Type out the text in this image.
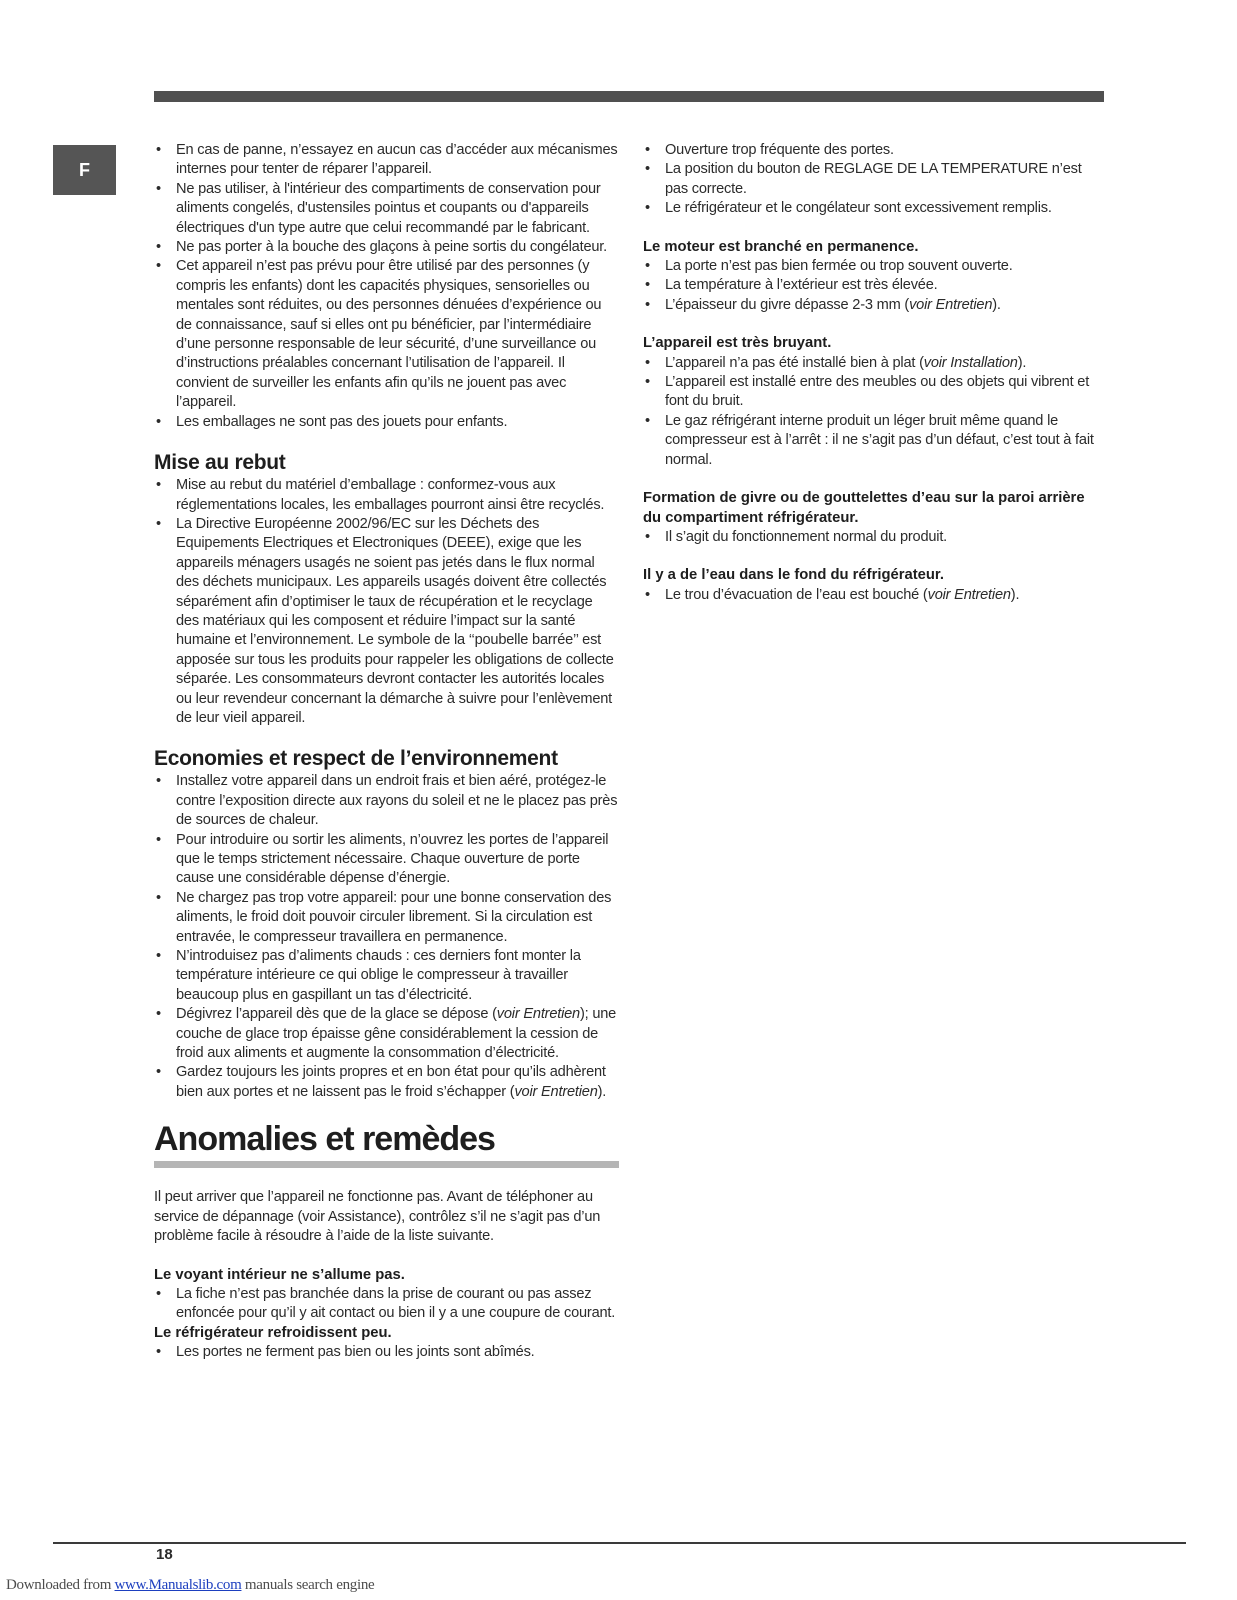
F
• En cas de panne, n’essayez en aucun cas d’accéder aux mécanismes internes pour tenter de réparer l’appareil.
• Ne pas utiliser, à l'intérieur des compartiments de conservation pour aliments congelés, d'ustensiles pointus et coupants ou d'appareils électriques d'un type autre que celui recommandé par le fabricant.
• Ne pas porter à la bouche des glaçons à peine sortis du congélateur.
• Cet appareil n’est pas prévu pour être utilisé par des personnes (y compris les enfants) dont les capacités physiques, sensorielles ou mentales sont réduites, ou des personnes dénuées d’expérience ou de connaissance, sauf si elles ont pu bénéficier, par l’intermédiaire d’une personne responsable de leur sécurité, d’une surveillance ou d’instructions préalables concernant l’utilisation de l’appareil. Il convient de surveiller les enfants afin qu’ils ne jouent pas avec l’appareil.
• Les emballages ne sont pas des jouets pour enfants.
Mise au rebut
• Mise au rebut du matériel d’emballage : conformez-vous aux réglementations locales, les emballages pourront ainsi être recyclés.
• La Directive Européenne 2002/96/EC sur les Déchets des Equipements Electriques et Electroniques (DEEE), exige que les appareils ménagers usagés ne soient pas jetés dans le flux normal des déchets municipaux. Les appareils usagés doivent être collectés séparément afin d’optimiser le taux de récupération et le recyclage des matériaux qui les composent et réduire l’impact sur la santé humaine et l’environnement. Le symbole de la ‘‘poubelle barrée’’ est apposée sur tous les produits pour rappeler les obligations de collecte séparée. Les consommateurs devront contacter les autorités locales ou leur revendeur concernant la démarche à suivre pour l’enlèvement de leur vieil appareil.
Economies et respect de l’environnement
• Installez votre appareil dans un endroit frais et bien aéré, protégez-le contre l’exposition directe aux rayons du soleil et ne le placez pas près de sources de chaleur.
• Pour introduire ou sortir les aliments, n’ouvrez les portes de l’appareil que le temps strictement nécessaire. Chaque ouverture de porte cause une considérable dépense d’énergie.
• Ne chargez pas trop votre appareil: pour une bonne conservation des aliments, le froid doit pouvoir circuler librement. Si la circulation est entravée, le compresseur travaillera en permanence.
• N’introduisez pas d’aliments chauds : ces derniers font monter la température intérieure ce qui oblige le compresseur à travailler beaucoup plus en gaspillant un tas d’électricité.
• Dégivrez l’appareil dès que de la glace se dépose (voir Entretien); une couche de glace trop épaisse gêne considérablement la cession de froid aux aliments et augmente la consommation d’électricité.
• Gardez toujours les joints propres et en bon état pour qu’ils adhèrent bien aux portes et ne laissent pas le froid s’échapper (voir Entretien).
Anomalies et remèdes

Il peut arriver que l’appareil ne fonctionne pas. Avant de téléphoner au service de dépannage (voir Assistance), contrôlez s’il ne s’agit pas d’un problème facile à résoudre à l’aide de la liste suivante.

Le voyant intérieur ne s’allume pas.
• La fiche n’est pas branchée dans la prise de courant ou pas assez enfoncée pour qu’il y ait contact ou bien il y a une coupure de courant.
Le réfrigérateur refroidissent peu.
• Les portes ne ferment pas bien ou les joints sont abîmés.
• Ouverture trop fréquente des portes.
• La position du bouton de REGLAGE DE LA TEMPERATURE n’est pas correcte.
• Le réfrigérateur et le congélateur sont excessivement remplis.
Le moteur est branché en permanence.
• La porte n’est pas bien fermée ou trop souvent ouverte.
• La température à l’extérieur est très élevée.
• L’épaisseur du givre dépasse 2-3 mm (voir Entretien).
L’appareil est très bruyant.
• L’appareil n’a pas été installé bien à plat (voir Installation).
• L’appareil est installé entre des meubles ou des objets qui vibrent et font du bruit.
• Le gaz réfrigérant interne produit un léger bruit même quand le compresseur est à l’arrêt : il ne s’agit pas d’un défaut, c’est tout à fait normal.
Formation de givre ou de gouttelettes d’eau sur la paroi arrière du compartiment réfrigérateur.
• Il s’agit du fonctionnement normal du produit.
Il y a de l’eau dans le fond du réfrigérateur.
• Le trou d’évacuation de l’eau est bouché (voir Entretien).
18
Downloaded from www.Manualslib.com manuals search engine
